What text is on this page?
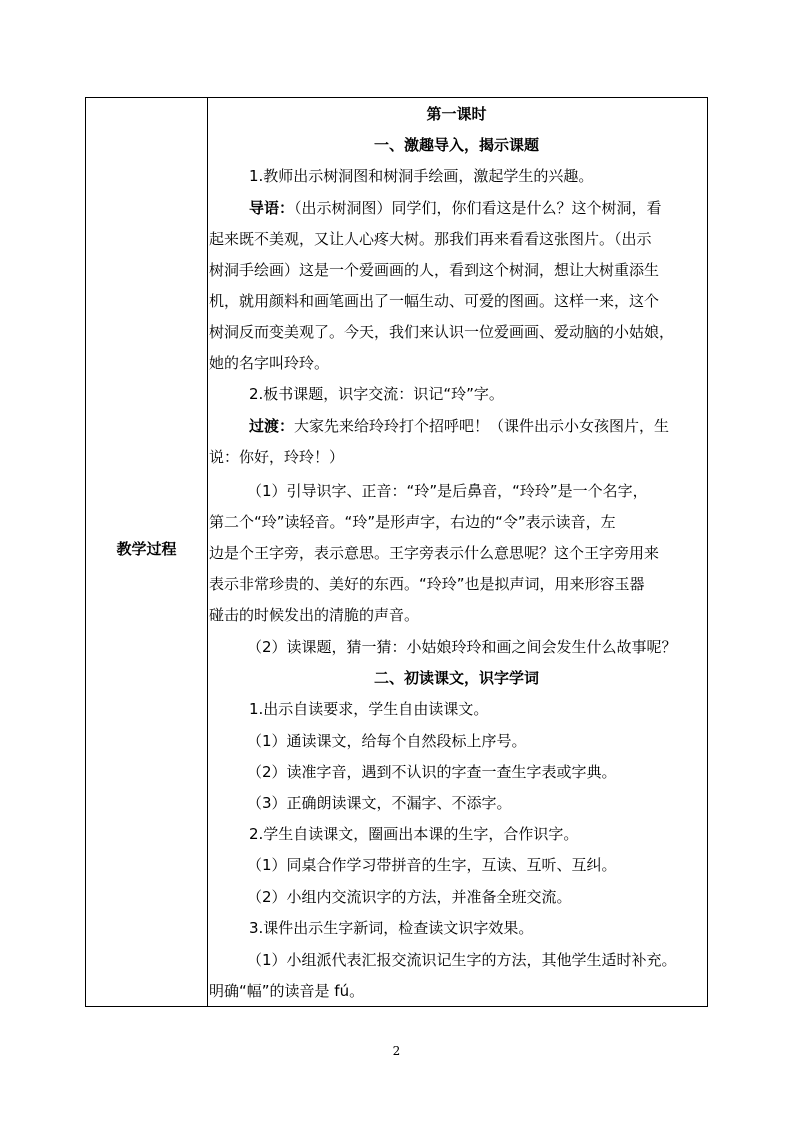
教学过程
第一课时
一、激趣导入，揭示课题
1.教师出示树洞图和树洞手绘画，激起学生的兴趣。
导语：（出示树洞图）同学们，你们看这是什么？这个树洞，看
起来既不美观，又让人心疼大树。那我们再来看看这张图片。（出示
树洞手绘画）这是一个爱画画的人，看到这个树洞，想让大树重添生
机，就用颜料和画笔画出了一幅生动、可爱的图画。这样一来，这个
树洞反而变美观了。今天，我们来认识一位爱画画、爱动脑的小姑娘，
她的名字叫玲玲。
2.板书课题，识字交流：识记“玲”字。
过渡：大家先来给玲玲打个招呼吧！（课件出示小女孩图片，生
说：你好，玲玲！）
（1）引导识字、正音：“玲”是后鼻音，“玲玲”是一个名字，
第二个“玲”读轻音。“玲”是形声字，右边的“令”表示读音，左
边是个王字旁，表示意思。王字旁表示什么意思呢？这个王字旁用来
表示非常珍贵的、美好的东西。“玲玲”也是拟声词，用来形容玉器
碰击的时候发出的清脆的声音。
（2）读课题，猜一猜：小姑娘玲玲和画之间会发生什么故事呢？
二、初读课文，识字学词
1.出示自读要求，学生自由读课文。
（1）通读课文，给每个自然段标上序号。
（2）读准字音，遇到不认识的字查一查生字表或字典。
（3）正确朗读课文，不漏字、不添字。
2.学生自读课文，圈画出本课的生字，合作识字。
（1）同桌合作学习带拼音的生字，互读、互听、互纠。
（2）小组内交流识字的方法，并准备全班交流。
3.课件出示生字新词，检查读文识字效果。
（1）小组派代表汇报交流识记生字的方法，其他学生适时补充。
明确“幅”的读音是 fú。
2
